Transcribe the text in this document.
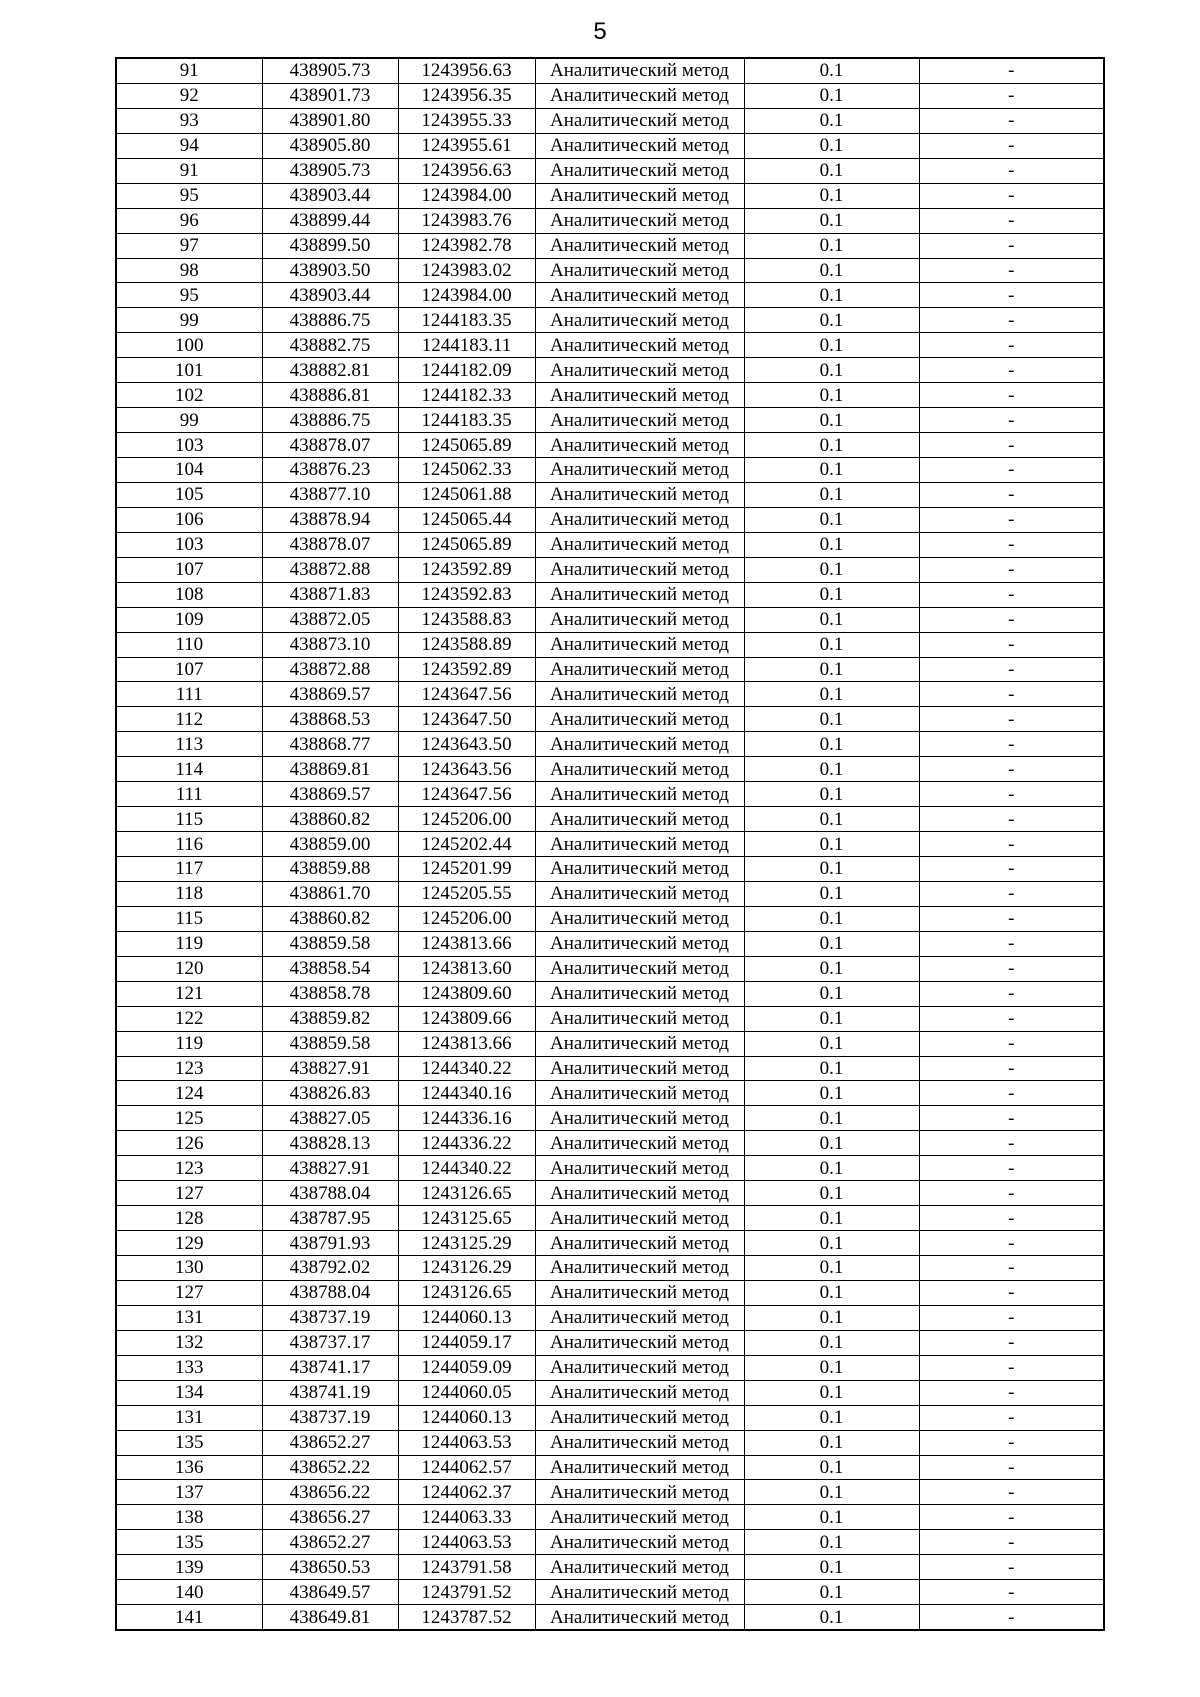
5
91	438905.73	1243956.63	Аналитический метод	0.1	-
92	438901.73	1243956.35	Аналитический метод	0.1	-
93	438901.80	1243955.33	Аналитический метод	0.1	-
94	438905.80	1243955.61	Аналитический метод	0.1	-
91	438905.73	1243956.63	Аналитический метод	0.1	-
95	438903.44	1243984.00	Аналитический метод	0.1	-
96	438899.44	1243983.76	Аналитический метод	0.1	-
97	438899.50	1243982.78	Аналитический метод	0.1	-
98	438903.50	1243983.02	Аналитический метод	0.1	-
95	438903.44	1243984.00	Аналитический метод	0.1	-
99	438886.75	1244183.35	Аналитический метод	0.1	-
100	438882.75	1244183.11	Аналитический метод	0.1	-
101	438882.81	1244182.09	Аналитический метод	0.1	-
102	438886.81	1244182.33	Аналитический метод	0.1	-
99	438886.75	1244183.35	Аналитический метод	0.1	-
103	438878.07	1245065.89	Аналитический метод	0.1	-
104	438876.23	1245062.33	Аналитический метод	0.1	-
105	438877.10	1245061.88	Аналитический метод	0.1	-
106	438878.94	1245065.44	Аналитический метод	0.1	-
103	438878.07	1245065.89	Аналитический метод	0.1	-
107	438872.88	1243592.89	Аналитический метод	0.1	-
108	438871.83	1243592.83	Аналитический метод	0.1	-
109	438872.05	1243588.83	Аналитический метод	0.1	-
110	438873.10	1243588.89	Аналитический метод	0.1	-
107	438872.88	1243592.89	Аналитический метод	0.1	-
111	438869.57	1243647.56	Аналитический метод	0.1	-
112	438868.53	1243647.50	Аналитический метод	0.1	-
113	438868.77	1243643.50	Аналитический метод	0.1	-
114	438869.81	1243643.56	Аналитический метод	0.1	-
111	438869.57	1243647.56	Аналитический метод	0.1	-
115	438860.82	1245206.00	Аналитический метод	0.1	-
116	438859.00	1245202.44	Аналитический метод	0.1	-
117	438859.88	1245201.99	Аналитический метод	0.1	-
118	438861.70	1245205.55	Аналитический метод	0.1	-
115	438860.82	1245206.00	Аналитический метод	0.1	-
119	438859.58	1243813.66	Аналитический метод	0.1	-
120	438858.54	1243813.60	Аналитический метод	0.1	-
121	438858.78	1243809.60	Аналитический метод	0.1	-
122	438859.82	1243809.66	Аналитический метод	0.1	-
119	438859.58	1243813.66	Аналитический метод	0.1	-
123	438827.91	1244340.22	Аналитический метод	0.1	-
124	438826.83	1244340.16	Аналитический метод	0.1	-
125	438827.05	1244336.16	Аналитический метод	0.1	-
126	438828.13	1244336.22	Аналитический метод	0.1	-
123	438827.91	1244340.22	Аналитический метод	0.1	-
127	438788.04	1243126.65	Аналитический метод	0.1	-
128	438787.95	1243125.65	Аналитический метод	0.1	-
129	438791.93	1243125.29	Аналитический метод	0.1	-
130	438792.02	1243126.29	Аналитический метод	0.1	-
127	438788.04	1243126.65	Аналитический метод	0.1	-
131	438737.19	1244060.13	Аналитический метод	0.1	-
132	438737.17	1244059.17	Аналитический метод	0.1	-
133	438741.17	1244059.09	Аналитический метод	0.1	-
134	438741.19	1244060.05	Аналитический метод	0.1	-
131	438737.19	1244060.13	Аналитический метод	0.1	-
135	438652.27	1244063.53	Аналитический метод	0.1	-
136	438652.22	1244062.57	Аналитический метод	0.1	-
137	438656.22	1244062.37	Аналитический метод	0.1	-
138	438656.27	1244063.33	Аналитический метод	0.1	-
135	438652.27	1244063.53	Аналитический метод	0.1	-
139	438650.53	1243791.58	Аналитический метод	0.1	-
140	438649.57	1243791.52	Аналитический метод	0.1	-
141	438649.81	1243787.52	Аналитический метод	0.1	-
